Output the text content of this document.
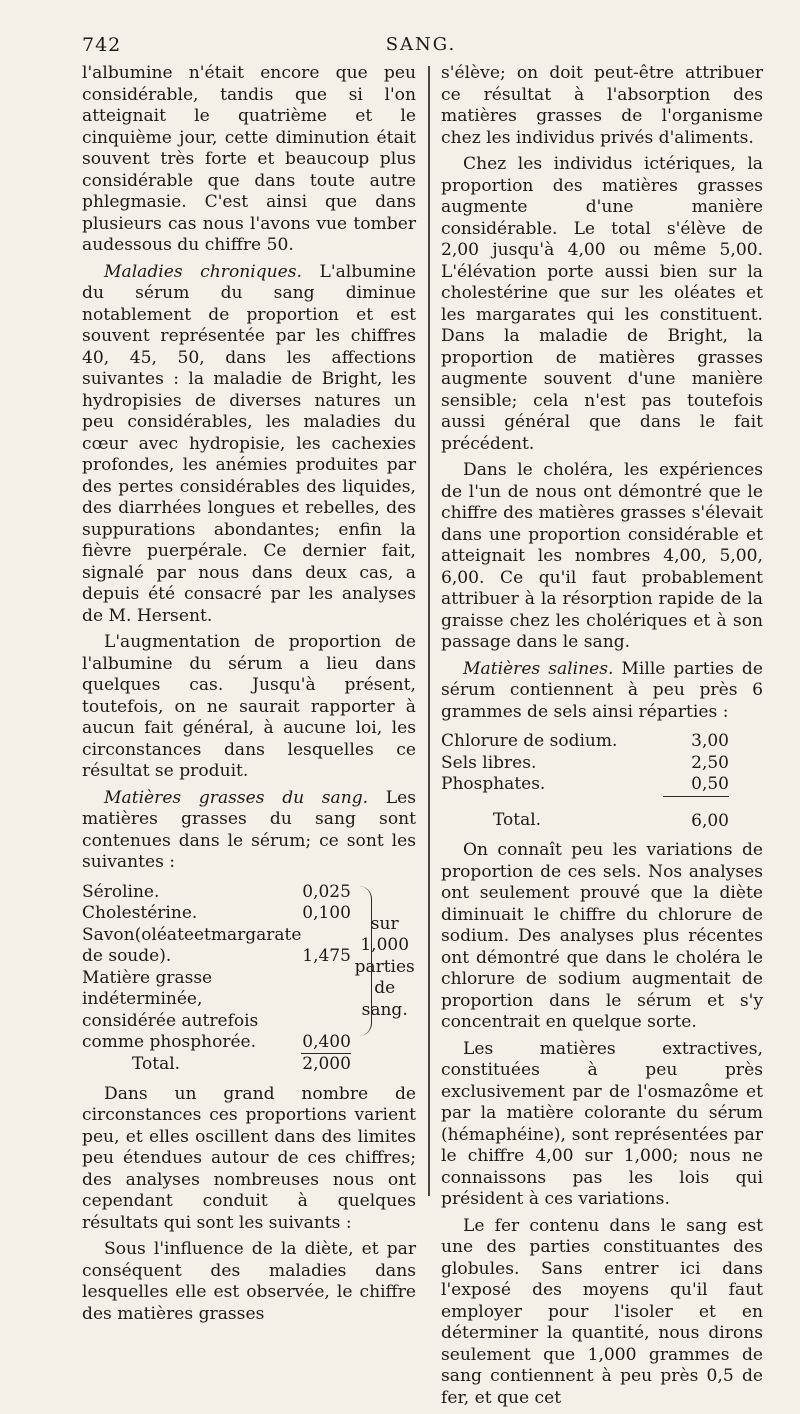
742	SANG.

l'albumine n'était encore que peu considérable, tandis que si l'on atteignait le quatrième et le cinquième jour, cette diminution était souvent très forte et beaucoup plus considérable que dans toute autre phlegmasie. C'est ainsi que dans plusieurs cas nous l'avons vue tomber audessous du chiffre 50.

Maladies chroniques. L'albumine du sérum du sang diminue notablement de proportion et est souvent représentée par les chiffres 40, 45, 50, dans les affections suivantes : la maladie de Bright, les hydropisies de diverses natures un peu considérables, les maladies du cœur avec hydropisie, les cachexies profondes, les anémies produites par des pertes considérables des liquides, des diarrhées longues et rebelles, des suppurations abondantes; enfin la fièvre puerpérale. Ce dernier fait, signalé par nous dans deux cas, a depuis été consacré par les analyses de M. Hersent.

L'augmentation de proportion de l'albumine du sérum a lieu dans quelques cas. Jusqu'à présent, toutefois, on ne saurait rapporter à aucun fait général, à aucune loi, les circonstances dans lesquelles ce résultat se produit.

Matières grasses du sang. Les matières grasses du sang sont contenues dans le sérum; ce sont les suivantes :

Séroline.	0,025		sur 1,000 parties de sang.
Cholestérine.	0,100		
Savon(oléateetmargarate de soude).	1,475		
Matière grasse indéterminée, considérée autrefois comme phosphorée.	0,400		
Total.	2,000		

Dans un grand nombre de circonstances ces proportions varient peu, et elles oscillent dans des limites peu étendues autour de ces chiffres; des analyses nombreuses nous ont cependant conduit à quelques résultats qui sont les suivants :

Sous l'influence de la diète, et par conséquent des maladies dans lesquelles elle est observée, le chiffre des matières grasses

s'élève; on doit peut-être attribuer ce résultat à l'absorption des matières grasses de l'organisme chez les individus privés d'aliments.

Chez les individus ictériques, la proportion des matières grasses augmente d'une manière considérable. Le total s'élève de 2,00 jusqu'à 4,00 ou même 5,00. L'élévation porte aussi bien sur la cholestérine que sur les oléates et les margarates qui les constituent. Dans la maladie de Bright, la proportion de matières grasses augmente souvent d'une manière sensible; cela n'est pas toutefois aussi général que dans le fait précédent.

Dans le choléra, les expériences de l'un de nous ont démontré que le chiffre des matières grasses s'élevait dans une proportion considérable et atteignait les nombres 4,00, 5,00, 6,00. Ce qu'il faut probablement attribuer à la résorption rapide de la graisse chez les cholériques et à son passage dans le sang.

Matières salines. Mille parties de sérum contiennent à peu près 6 grammes de sels ainsi réparties :

Chlorure de sodium.	3,00
Sels libres.	2,50
Phosphates.	0,50
Total.	6,00

On connaît peu les variations de proportion de ces sels. Nos analyses ont seulement prouvé que la diète diminuait le chiffre du chlorure de sodium. Des analyses plus récentes ont démontré que dans le choléra le chlorure de sodium augmentait de proportion dans le sérum et s'y concentrait en quelque sorte.

Les matières extractives, constituées à peu près exclusivement par de l'osmazôme et par la matière colorante du sérum (hémaphéine), sont représentées par le chiffre 4,00 sur 1,000; nous ne connaissons pas les lois qui président à ces variations.

Le fer contenu dans le sang est une des parties constituantes des globules. Sans entrer ici dans l'exposé des moyens qu'il faut employer pour l'isoler et en déterminer la quantité, nous dirons seulement que 1,000 grammes de sang contiennent à peu près 0,5 de fer, et que cet
